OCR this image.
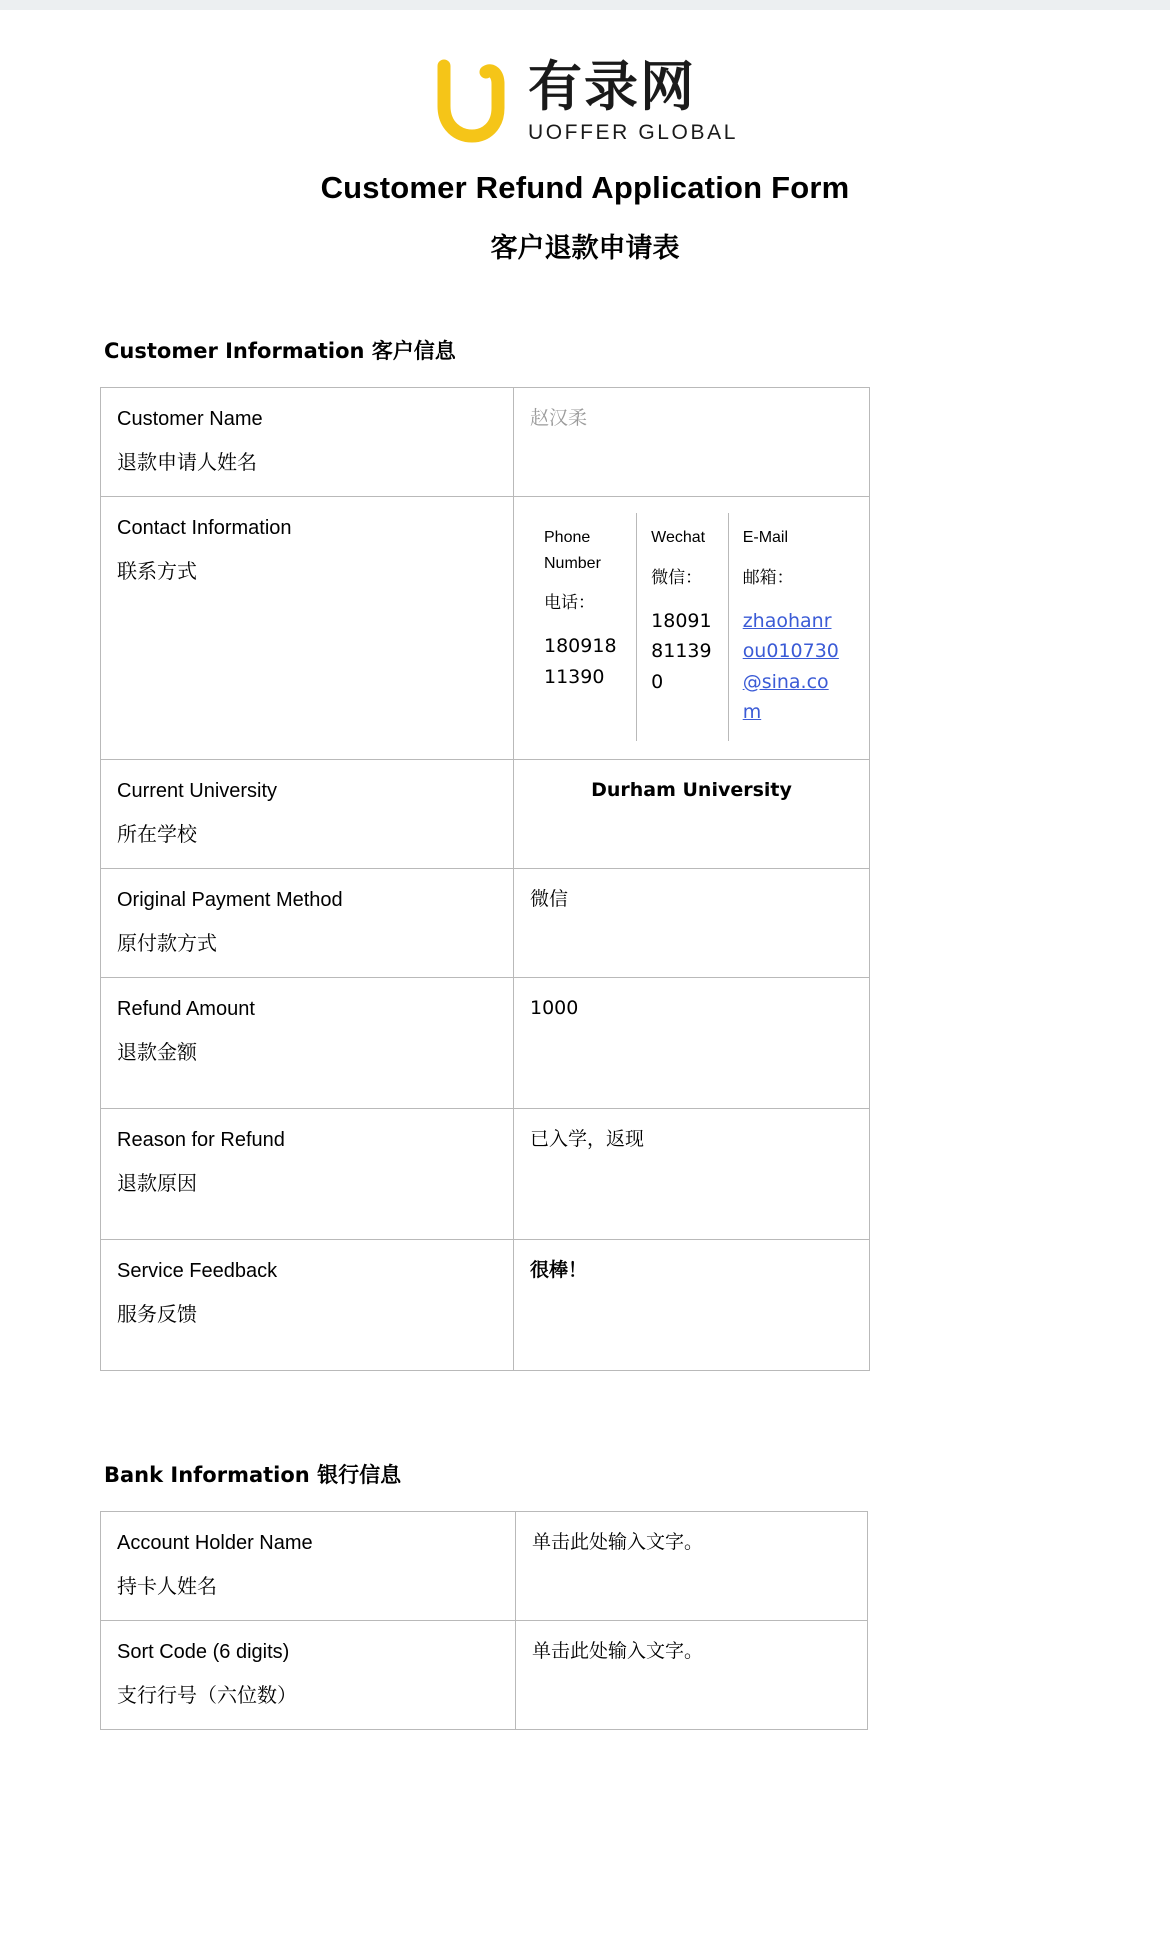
有录网
UOFFER GLOBAL
Customer Refund Application Form
客户退款申请表
Customer Information 客户信息
Customer Name
退款申请人姓名
	赵汉柔

Contact Information
联系方式

Phone Number
电话：
18091811390

Wechat
微信：
18091811390

E-Mail
邮箱：
zhaohanrou010730@sina.com

Current University
所在学校
	Durham University

Original Payment Method
原付款方式
	微信

Refund Amount
退款金额
	1000

Reason for Refund
退款原因
	已入学，返现

Service Feedback
服务反馈
	很棒！
Bank Information 银行信息
Account Holder Name
持卡人姓名	单击此处输入文字。

Sort Code (6 digits)
支行行号（六位数）	单击此处输入文字。
